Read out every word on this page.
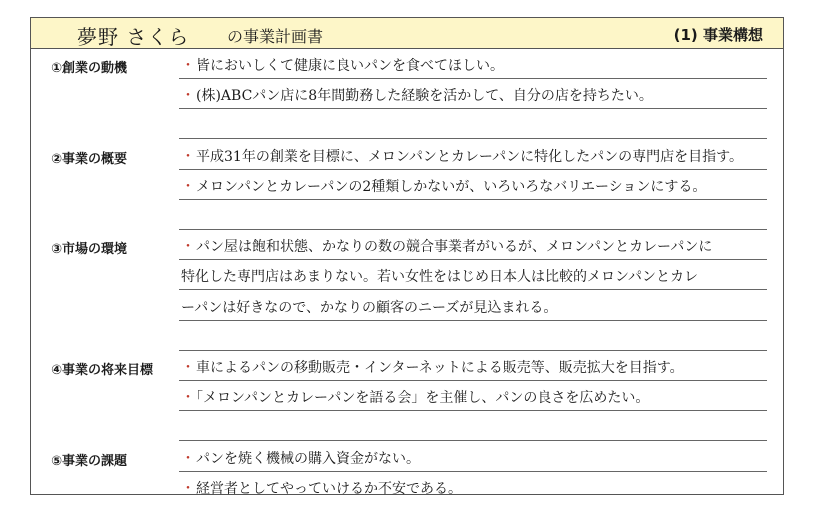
夢野 さくら の事業計画書	(1) 事業構想
①創業の動機	・皆においしくて健康に良いパンを食べてほしい。
・(株)ABCパン店に8年間勤務した経験を活かして、自分の店を持ちたい。
②事業の概要	・平成31年の創業を目標に、メロンパンとカレーパンに特化したパンの専門店を目指す。
・メロンパンとカレーパンの2種類しかないが、いろいろなバリエーションにする。
③市場の環境	・パン屋は飽和状態、かなりの数の競合事業者がいるが、メロンパンとカレーパンに
特化した専門店はあまりない。若い女性をはじめ日本人は比較的メロンパンとカレ
ーパンは好きなので、かなりの顧客のニーズが見込まれる。
④事業の将来目標 ・車によるパンの移動販売・インターネットによる販売等、販売拡大を目指す。
・「メロンパンとカレーパンを語る会」を主催し、パンの良さを広めたい。
⑤事業の課題	・パンを焼く機械の購入資金がない。
・経営者としてやっていけるか不安である。
